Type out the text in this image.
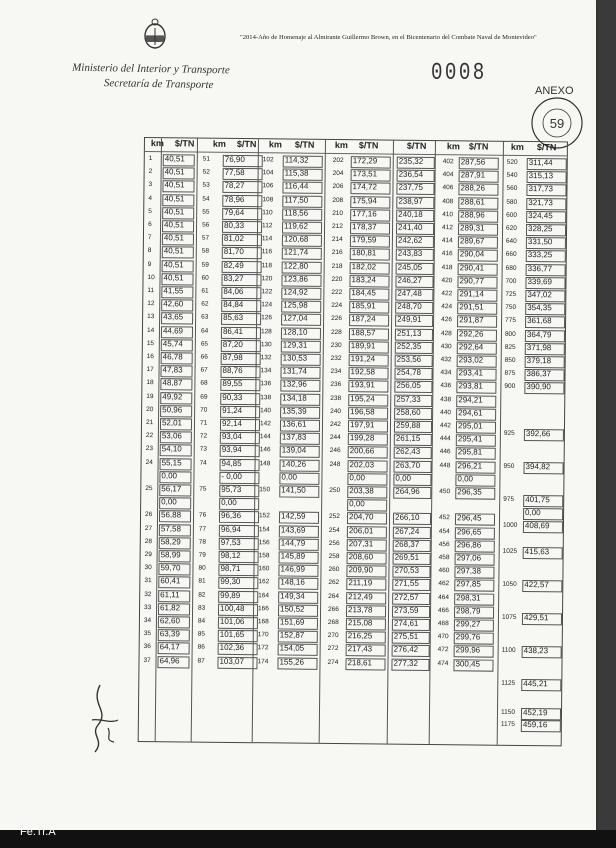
Ministerio del Interior y Transporte
Secretaría de Transporte
"2014-Año de Homenaje al Almirante Guillermo Brown, en el Bicentenario del Combate Naval de Montevideo"
0008
ANEXO
59
km $/TN km $/TN km $/TN km $/TN	$/TN km $/TN km $/TN
1 40,51
2 40,51
3 40,51
4 40,51
5 40,51
6 40,51
7 40,51
8 40,51
9 40,51
10 40,51
11 41,55
12 42,60
13 43,65
14 44,69
15 45,74
16 46,78
17 47,83
18 48,87
19 49,92
20 50,96
21 52,01
22 53,06
23 54,10
24 55,15
0,00
25 56,17
0,00
26 56,88
27 57,58
28 58,29
29 58,99
30 59,70
31 60,41
32 61,11
33 61,82
34 62,60
35 63,39
36 64,17
37 64,96
51 76,90
52 77,58
53 78,27
54 78,96
55 79,64
56 80,33
57 81,02
58 81,70
59 82,49
60 83,27
61 84,06
62 84,84
63 85,63
64 86,41
65 87,20
66 87,98
67 88,76
68 89,55
69 90,33
70 91,24
71 92,14
72 93,04
73 93,94
74 94,85
- 0,00
75 95,73
0,00
76 96,36
77 96,94
78 97,53
79 98,12
80 98,71
81 99,30
82 99,89
83 100,48
84 101,06
85 101,65
86 102,36
87 103,07
102 114,32
104 115,38
106 116,44
108 117,50
110 118,56
112 119,62
114 120,68
116 121,74
118 122,80
120 123,86
122 124,92
124 125,98
126 127,04
128 128,10
130 129,31
132 130,53
134 131,74
136 132,96
138 134,18
140 135,39
142 136,61
144 137,83
146 139,04
148 140,26
0,00
150 141,50
152 142,59
154 143,69
156 144,79
158 145,89
160 146,99
162 148,16
164 149,34
166 150,52
168 151,69
170 152,87
172 154,05
174 155,26
202 172,29
204 173,51
206 174,72
208 175,94
210 177,16
212 178,37
214 179,59
216 180,81
218 182,02
220 183,24
222 184,45
224 185,91
226 187,24
228 188,57
230 189,91
232 191,24
234 192,58
236 193,91
238 195,24
240 196,58
242 197,91
244 199,28
246 200,66
248 202,03
0,00
250 203,38
0,00
252 204,70
254 206,01
256 207,31
258 208,60
260 209,90
262 211,19
264 212,49
266 213,78
268 215,08
270 216,25
272 217,43
274 218,61
235,32
236,54
237,75
238,97
240,18
241,40
242,62
243,83
245,05
246,27
247,48
248,70
249,91
251,13
252,35
253,56
254,78
256,05
257,33
258,60
259,88
261,15
262,43
263,70
0,00
264,96
266,10
267,24
268,37
269,51
270,53
271,55
272,57
273,59
274,61
275,51
276,42
277,32
402 287,56
404 287,91
406 288,26
408 288,61
410 288,96
412 289,31
414 289,67
416 290,04
418 290,41
420 290,77
422 291,14
424 291,51
426 291,87
428 292,26
430 292,64
432 293,02
434 293,41
436 293,81
438 294,21
440 294,61
442 295,01
444 295,41
446 295,81
448 296,21
0,00
450 296,35
452 296,45
454 296,65
456 296,86
458 297,06
460 297,38
462 297,85
464 298,31
466 298,79
468 299,27
470 299,76
472 299,96
474 300,45
520 311,44
540 315,13
560 317,73
580 321,73
600 324,45
620 328,25
640 331,50
660 333,25
680 336,77
700 339,69
725 347,02
750 354,35
775 361,68
800 364,79
825 371,98
850 379,18
875 386,37
900 390,90
925 392,66
950 394,82
975 401,75
0,00
1000 408,69
1025 415,63
1050 422,57
1075 429,51
1100 438,23
1125 445,21
1150 452,19
1175 459,16
Fe.Tr.A
